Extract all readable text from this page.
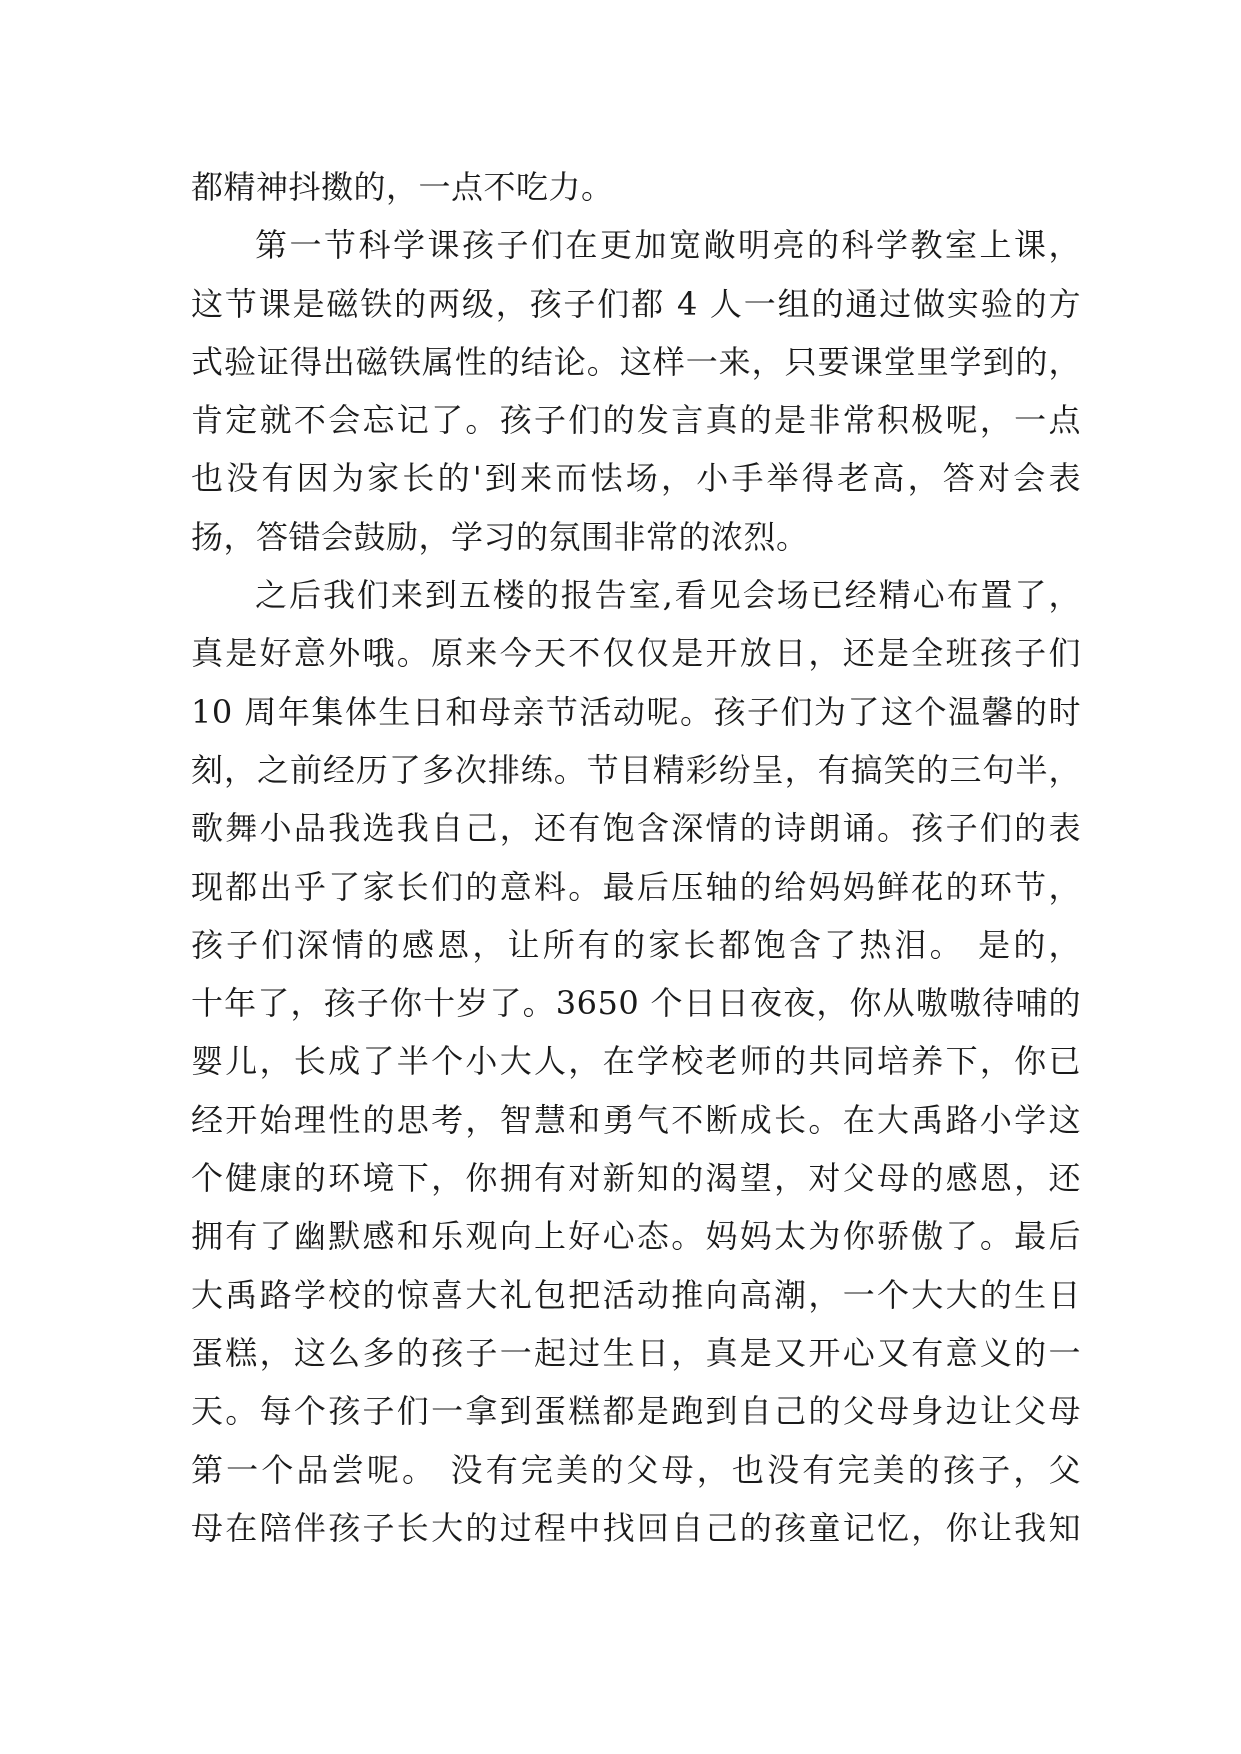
都精神抖擞的，一点不吃力。
第一节科学课孩子们在更加宽敞明亮的科学教室上课，
这节课是磁铁的两级，孩子们都 4 人一组的通过做实验的方
式验证得出磁铁属性的结论。这样一来，只要课堂里学到的，
肯定就不会忘记了。孩子们的发言真的是非常积极呢，一点
也没有因为家长的'到来而怯场，小手举得老高，答对会表
扬，答错会鼓励，学习的氛围非常的浓烈。
之后我们来到五楼的报告室,看见会场已经精心布置了，
真是好意外哦。原来今天不仅仅是开放日，还是全班孩子们
10 周年集体生日和母亲节活动呢。孩子们为了这个温馨的时
刻，之前经历了多次排练。节目精彩纷呈，有搞笑的三句半，
歌舞小品我选我自己，还有饱含深情的诗朗诵。孩子们的表
现都出乎了家长们的意料。最后压轴的给妈妈鲜花的环节，
孩子们深情的感恩，让所有的家长都饱含了热泪。 是的，
十年了，孩子你十岁了。3650 个日日夜夜，你从嗷嗷待哺的
婴儿，长成了半个小大人，在学校老师的共同培养下，你已
经开始理性的思考，智慧和勇气不断成长。在大禹路小学这
个健康的环境下，你拥有对新知的渴望，对父母的感恩，还
拥有了幽默感和乐观向上好心态。妈妈太为你骄傲了。最后
大禹路学校的惊喜大礼包把活动推向高潮，一个大大的生日
蛋糕，这么多的孩子一起过生日，真是又开心又有意义的一
天。每个孩子们一拿到蛋糕都是跑到自己的父母身边让父母
第一个品尝呢。 没有完美的父母，也没有完美的孩子，父
母在陪伴孩子长大的过程中找回自己的孩童记忆，你让我知
